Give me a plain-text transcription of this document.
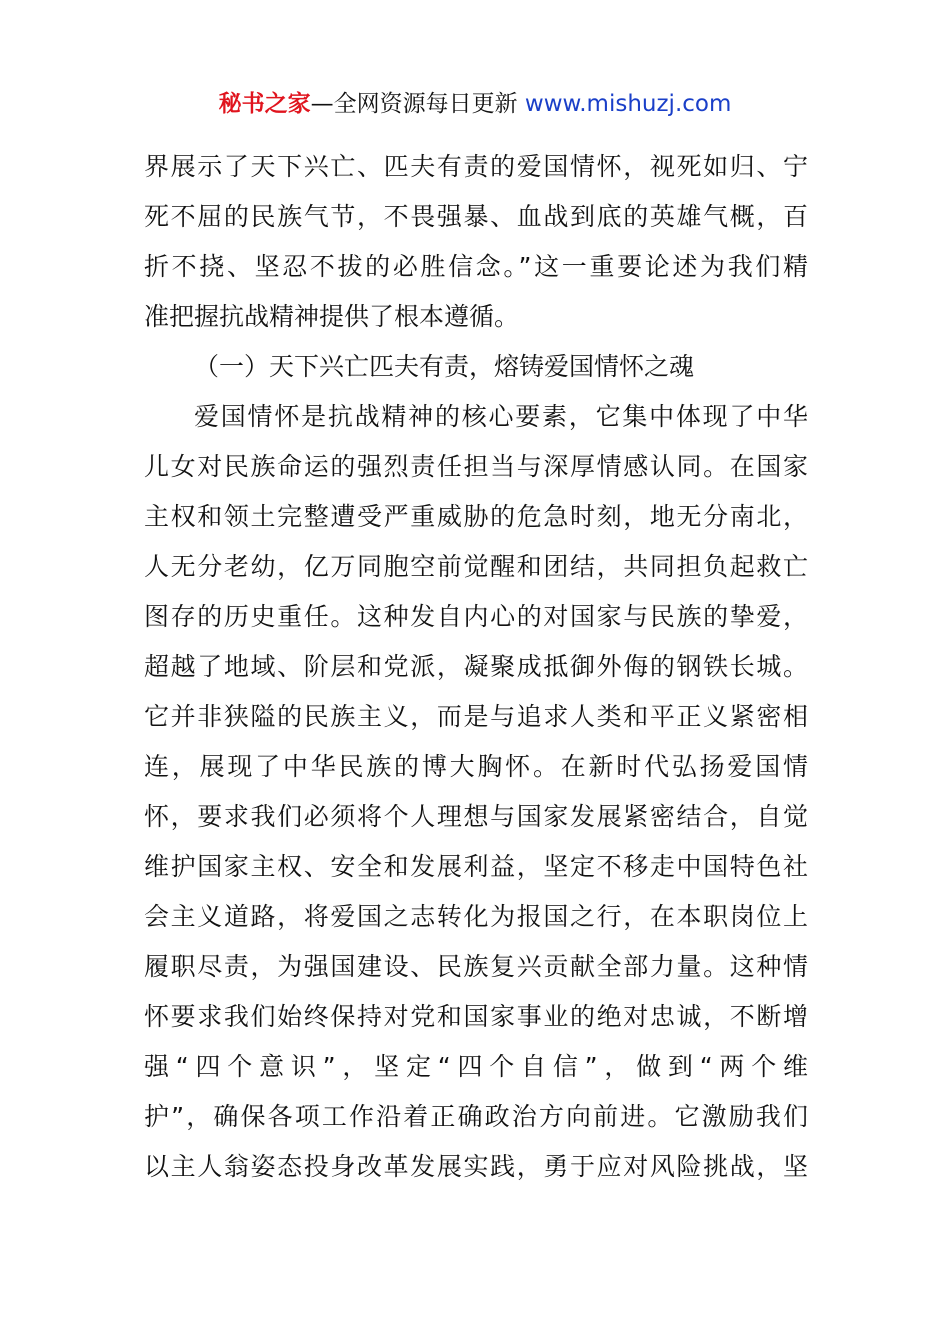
秘书之家—全网资源每日更新 www.mishuzj.com
界展示了天下兴亡、匹夫有责的爱国情怀，视死如归、宁
死不屈的民族气节，不畏强暴、血战到底的英雄气概，百
折不挠、坚忍不拔的必胜信念。”这一重要论述为我们精
准把握抗战精神提供了根本遵循。
（一）天下兴亡匹夫有责，熔铸爱国情怀之魂
爱国情怀是抗战精神的核心要素，它集中体现了中华
儿女对民族命运的强烈责任担当与深厚情感认同。在国家
主权和领土完整遭受严重威胁的危急时刻，地无分南北，
人无分老幼，亿万同胞空前觉醒和团结，共同担负起救亡
图存的历史重任。这种发自内心的对国家与民族的挚爱，
超越了地域、阶层和党派，凝聚成抵御外侮的钢铁长城。
它并非狭隘的民族主义，而是与追求人类和平正义紧密相
连，展现了中华民族的博大胸怀。在新时代弘扬爱国情
怀，要求我们必须将个人理想与国家发展紧密结合，自觉
维护国家主权、安全和发展利益，坚定不移走中国特色社
会主义道路，将爱国之志转化为报国之行，在本职岗位上
履职尽责，为强国建设、民族复兴贡献全部力量。这种情
怀要求我们始终保持对党和国家事业的绝对忠诚，不断增
强“四个意识”，坚定“四个自信”，做到“两个维
护”，确保各项工作沿着正确政治方向前进。它激励我们
以主人翁姿态投身改革发展实践，勇于应对风险挑战，坚
